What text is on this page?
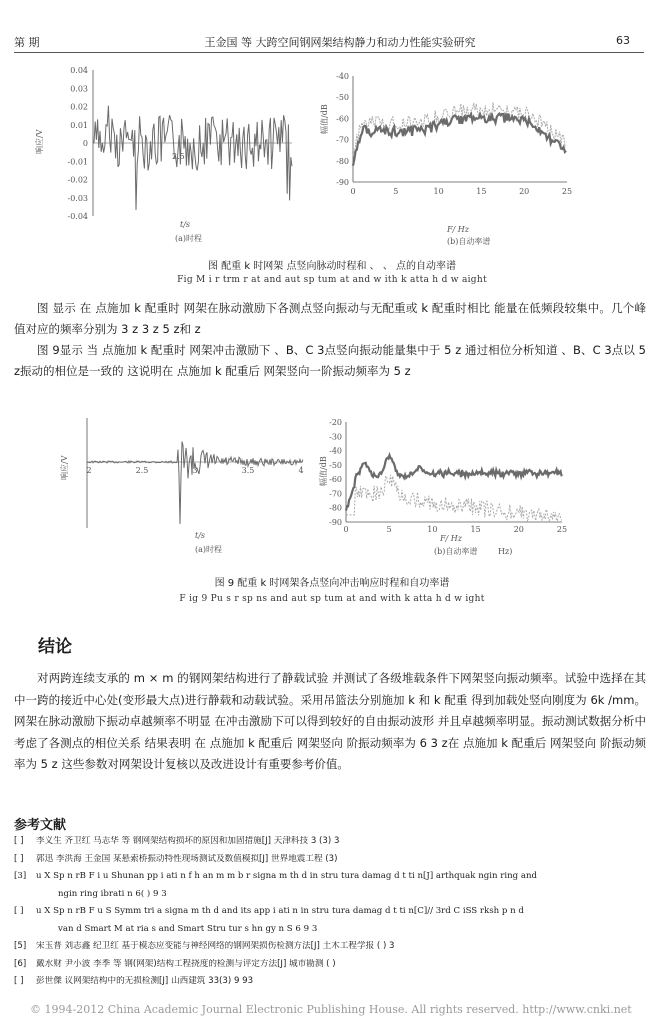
第 期	王金国 等 大跨空间钢网架结构静力和动力性能实验研究	63
0.04
0.03
0.02
0.01
0
-0.01
-0.02
-0.03
-0.04
2.5
响应/V
t/s
(a)时程
-40
-50
-60
-70
-80
-90
0	5	10	15	20	25
幅值/dB
F/ Hz
(b)自动率谱
图 配重 k 时网架 点竖向脉动时程和 、 、 点的自动率谱
Fig M i r trm r at and aut sp tum at and w ith k atta h d w aight
图 显示 在 点施加 k 配重时 网架在脉动激励下各测点竖向振动与无配重或 k 配重时相比 能量在低频段较集中。几个峰值对应的频率分别为 3 z 3 z 5 z和 z
图 9显示 当 点施加 k 配重时 网架冲击激励下 、B、C 3点竖向振动能量集中于 5 z 通过相位分析知道 、B、C 3点以 5 z振动的相位是一致的 这说明在 点施加 k 配重后 网架竖向一阶振动频率为 5 z
2	2.5	3	3.5	4
响应/V
t/s
(a)时程
-20
-30
-40
-50
-60
-70
-80
-90
0	5	10	15	20	25
幅值/dB
F/ Hz
(b)自动率谱	Hz)
图 9 配重 k 时网架各点竖向冲击响应时程和自功率谱
F ig 9 Pu s r sp ns and aut sp tum at and with k atta h d w ight
结论
对两跨连续支承的 m × m 的钢网架结构进行了静载试验 并测试了各级堆载条件下网架竖向振动频率。试验中选择在其中一跨的接近中心处(变形最大点)进行静载和动载试验。采用吊篮法分别施加 k 和 k 配重 得到加载处竖向刚度为 6k /mm。网架在脉动激励下振动卓越频率不明显 在冲击激励下可以得到较好的自由振动波形 并且卓越频率明显。振动测试数据分析中 考虑了各测点的相位关系 结果表明 在 点施加 k 配重后 网架竖向 阶振动频率为 6 3 z在 点施加 k 配重后 网架竖向 阶振动频率为 5 z 这些参数对网架设计复核以及改进设计有重要参考价值。
参考文献
[ ] 李义生 齐卫红 马志华 等 钢网架结构损坏的原因和加固措施[J] 天津科技 3 (3) 3
[ ] 郭迅 李洪海 王金国 某悬索桥振动特性现场测试及数值模拟[J] 世界地震工程 (3)
[3] u X Sp n rB F i u Shunan pp i ati n f h an m m b r signa m th d in stru tura damag d t ti n[J] arthquak ngin ring and
ngin ring ibrati n 6( ) 9 3
[ ] u X Sp n rB F u S Symm tri a signa m th d and its app i ati n in stru tura damag d t ti n[C]// 3rd C iSS rksh p n d
van d Smart M at ria s and Smart Stru tur s hn gy n S 6 9 3
[5] 宋玉普 刘志鑫 纪卫红 基于模态应变能与神经网络的钢网架损伤检测方法[J] 土木工程学报 ( ) 3
[6] 戴水财 尹小波 李季 等 钢(网架)结构工程挠度的检测与评定方法[J] 城市勘测 ( )
[ ] 彭世傑 议网架结构中的无损检测[J] 山西建筑 33(3) 9 93
© 1994-2012 China Academic Journal Electronic Publishing House. All rights reserved. http://www.cnki.net
